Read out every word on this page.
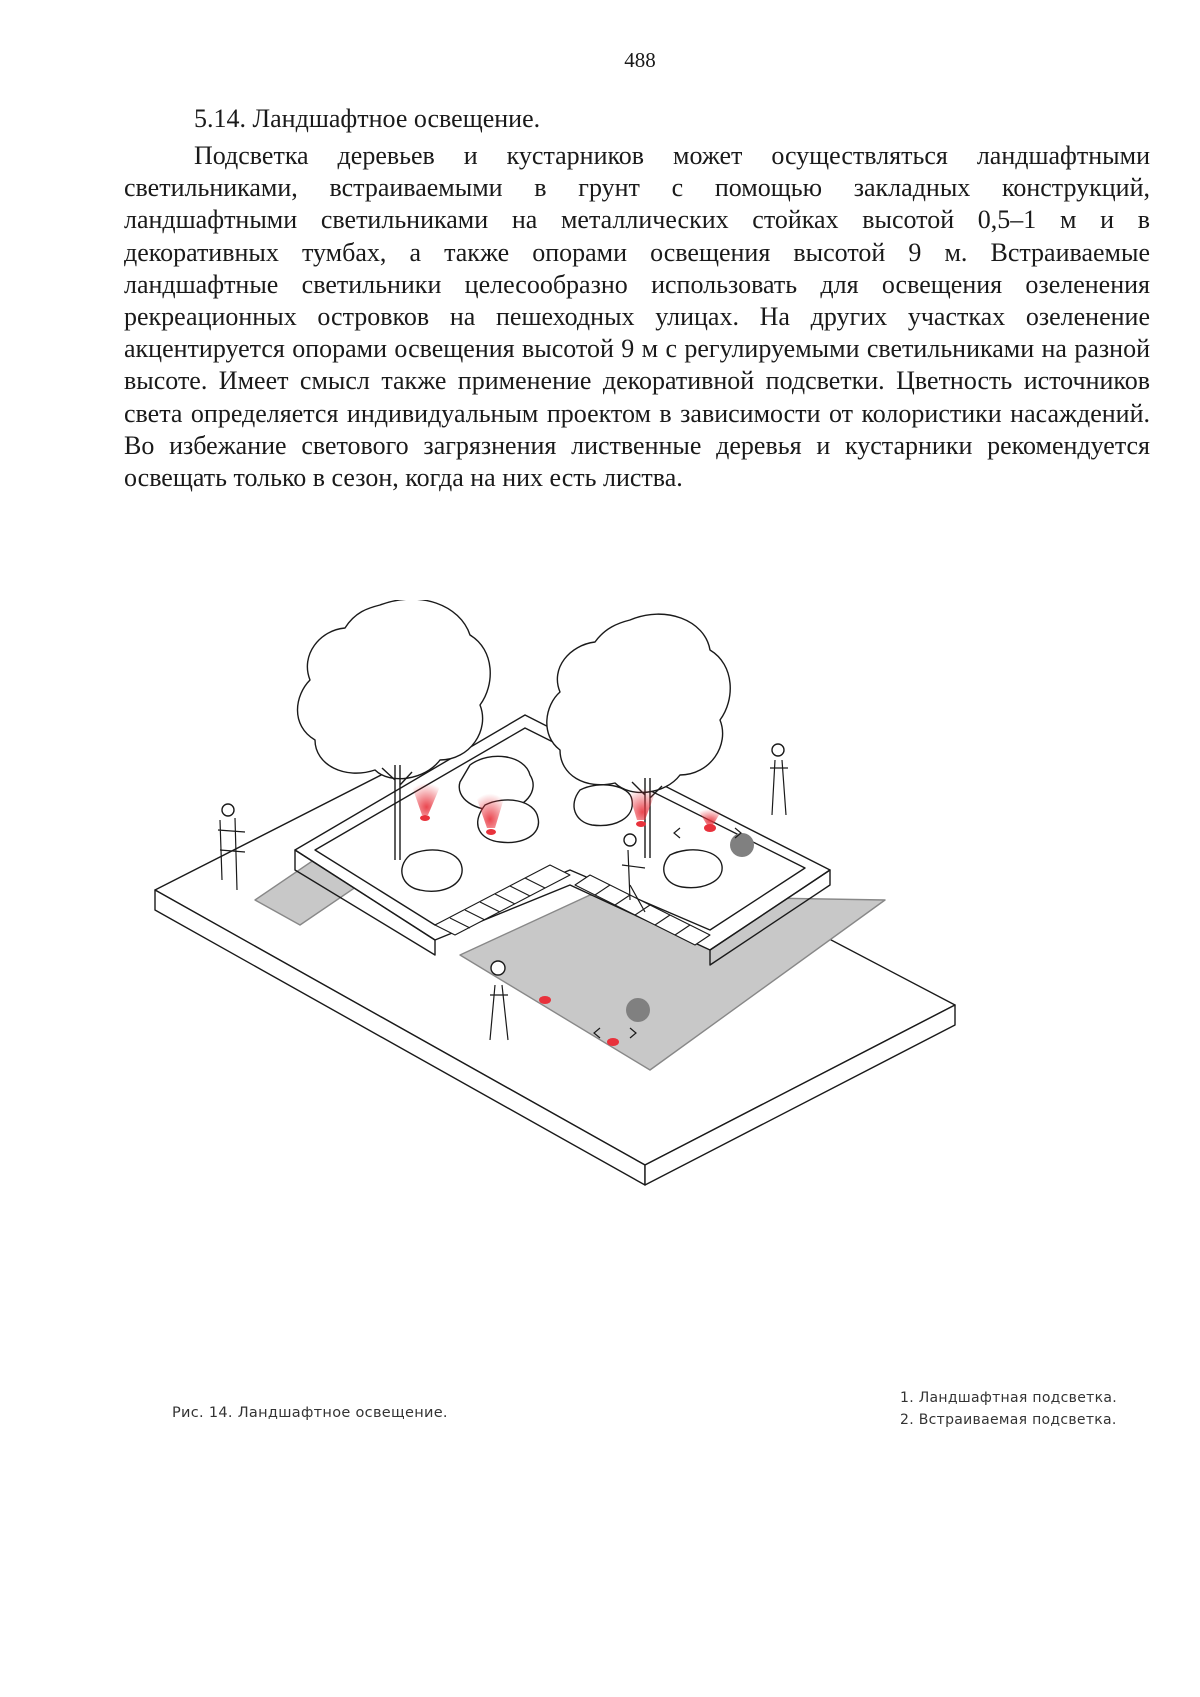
488
5.14. Ландшафтное освещение.

Подсветка деревьев и кустарников может осуществляться ландшафтными светильниками, встраиваемыми в грунт с помощью закладных конструкций, ландшафтными светильниками на металлических стойках высотой 0,5–1 м и в декоративных тумбах, а также опорами освещения высотой 9 м. Встраиваемые ландшафтные светильники целесообразно использовать для освещения озеленения рекреационных островков на пешеходных улицах. На других участках озеленение акцентируется опорами освещения высотой 9 м с регулируемыми светильниками на разной высоте. Имеет смысл также применение декоративной подсветки. Цветность источников света определяется индивидуальным проектом в зависимости от колористики насаждений. Во избежание светового загрязнения лиственные деревья и кустарники рекомендуется освещать только в сезон, когда на них есть листва.

Рис. 14. Ландшафтное освещение.
1. Ландшафтная подсветка.
2. Встраиваемая подсветка.
